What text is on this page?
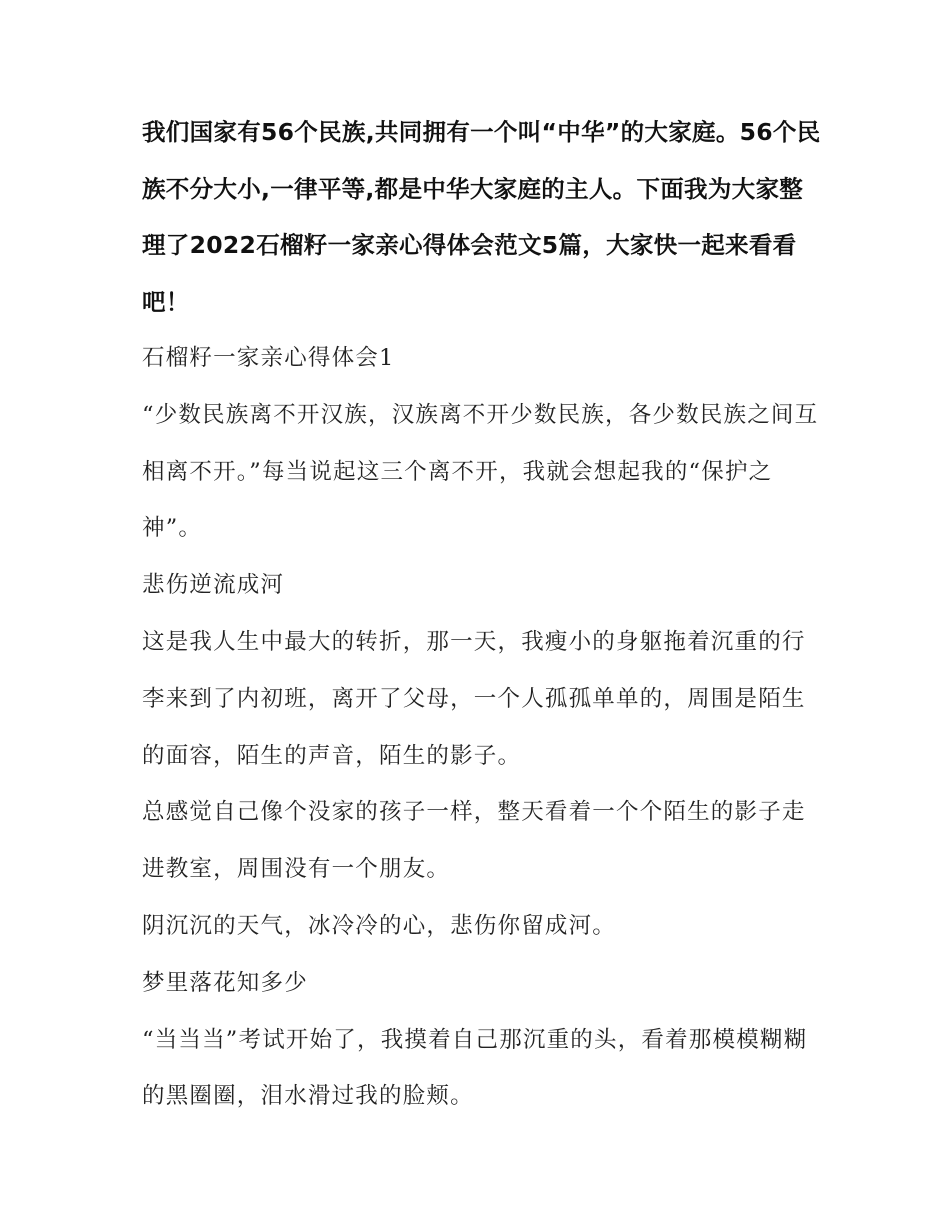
我们国家有56个民族,共同拥有一个叫“中华”的大家庭。56个民族不分大小,一律平等,都是中华大家庭的主人。下面我为大家整理了2022石榴籽一家亲心得体会范文5篇，大家快一起来看看吧！

石榴籽一家亲心得体会1

“少数民族离不开汉族，汉族离不开少数民族，各少数民族之间互相离不开。”每当说起这三个离不开，我就会想起我的“保护之神”。

悲伤逆流成河

这是我人生中最大的转折，那一天，我瘦小的身躯拖着沉重的行李来到了内初班，离开了父母，一个人孤孤单单的，周围是陌生的面容，陌生的声音，陌生的影子。

总感觉自己像个没家的孩子一样，整天看着一个个陌生的影子走进教室，周围没有一个朋友。

阴沉沉的天气，冰冷冷的心，悲伤你留成河。

梦里落花知多少

“当当当”考试开始了，我摸着自己那沉重的头，看着那模模糊糊的黑圈圈，泪水滑过我的脸颊。
